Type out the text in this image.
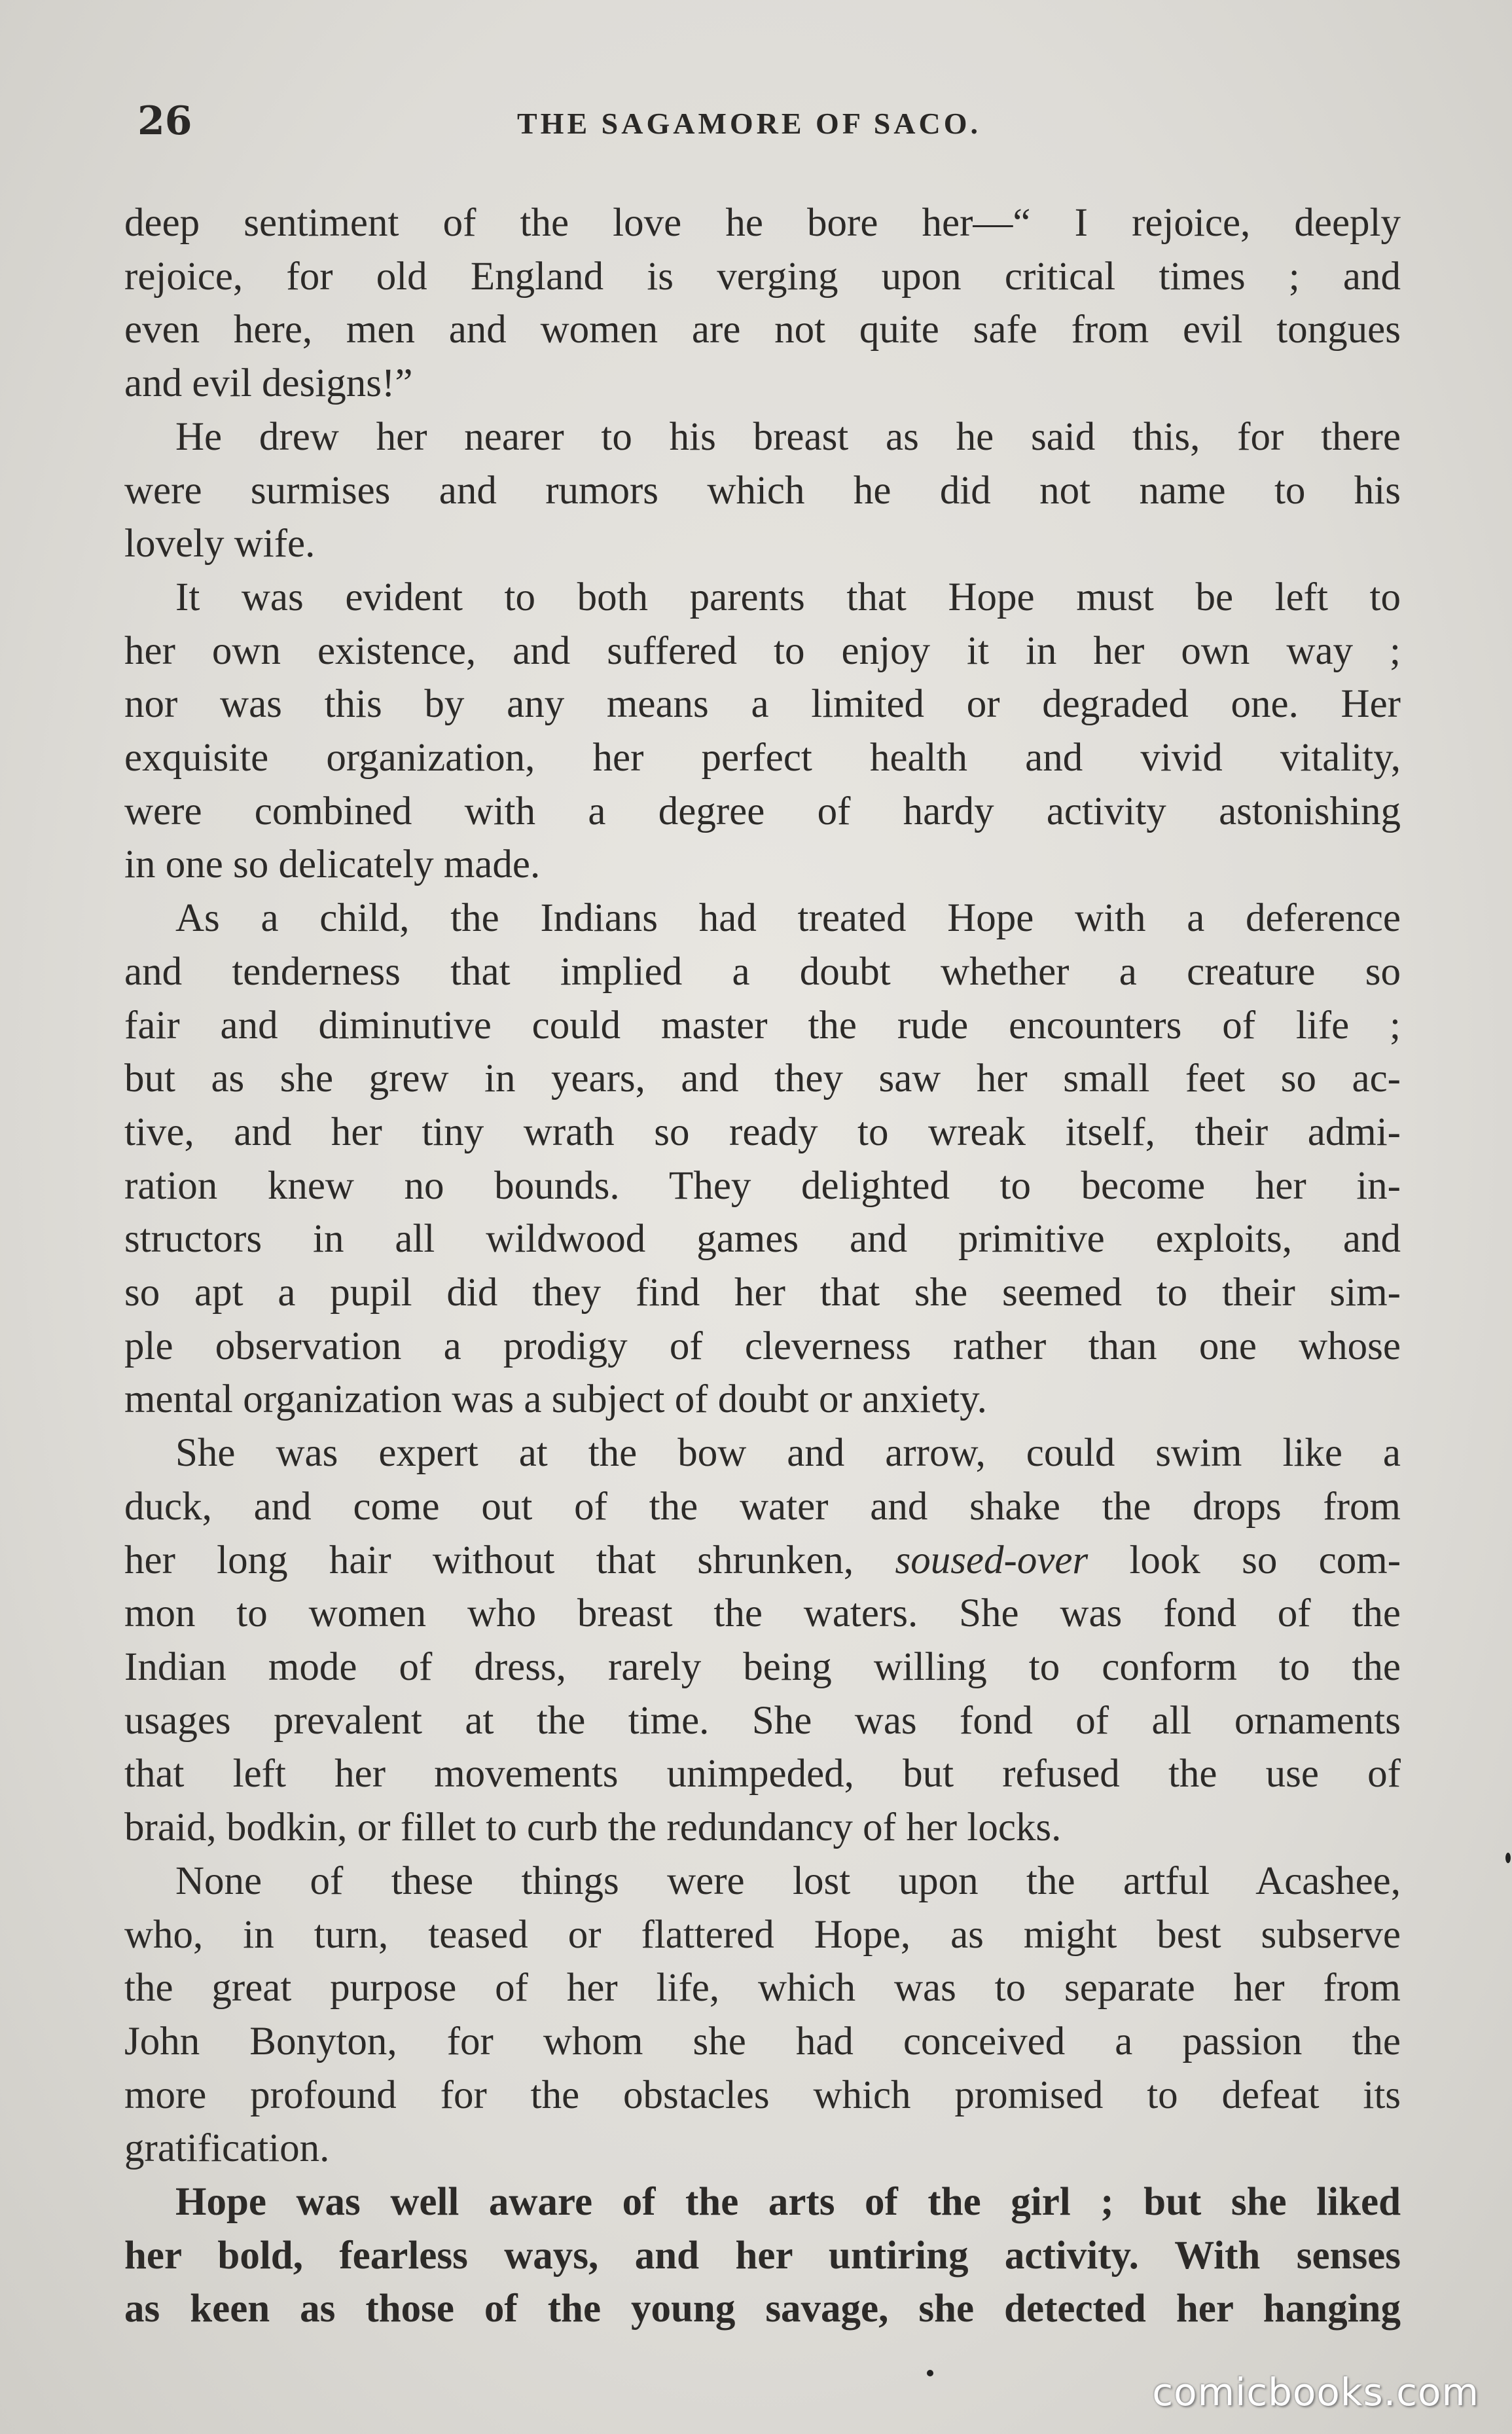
26	THE SAGAMORE OF SACO.
deep sentiment of the love he bore her—“ I rejoice, deeply
rejoice, for old England is verging upon critical times ; and
even here, men and women are not quite safe from evil tongues
and evil designs!”
He drew her nearer to his breast as he said this, for there
were surmises and rumors which he did not name to his
lovely wife.
It was evident to both parents that Hope must be left to
her own existence, and suffered to enjoy it in her own way ;
nor was this by any means a limited or degraded one. Her
exquisite organization, her perfect health and vivid vitality,
were combined with a degree of hardy activity astonishing
in one so delicately made.
As a child, the Indians had treated Hope with a deference
and tenderness that implied a doubt whether a creature so
fair and diminutive could master the rude encounters of life ;
but as she grew in years, and they saw her small feet so ac-
tive, and her tiny wrath so ready to wreak itself, their admi-
ration knew no bounds. They delighted to become her in-
structors in all wildwood games and primitive exploits, and
so apt a pupil did they find her that she seemed to their sim-
ple observation a prodigy of cleverness rather than one whose
mental organization was a subject of doubt or anxiety.
She was expert at the bow and arrow, could swim like a
duck, and come out of the water and shake the drops from
her long hair without that shrunken, soused-over look so com-
mon to women who breast the waters. She was fond of the
Indian mode of dress, rarely being willing to conform to the
usages prevalent at the time. She was fond of all ornaments
that left her movements unimpeded, but refused the use of
braid, bodkin, or fillet to curb the redundancy of her locks.
None of these things were lost upon the artful Acashee,
who, in turn, teased or flattered Hope, as might best subserve
the great purpose of her life, which was to separate her from
John Bonyton, for whom she had conceived a passion the
more profound for the obstacles which promised to defeat its
gratification.
Hope was well aware of the arts of the girl ; but she liked
her bold, fearless ways, and her untiring activity. With senses
as keen as those of the young savage, she detected her hanging
comicbooks.com
